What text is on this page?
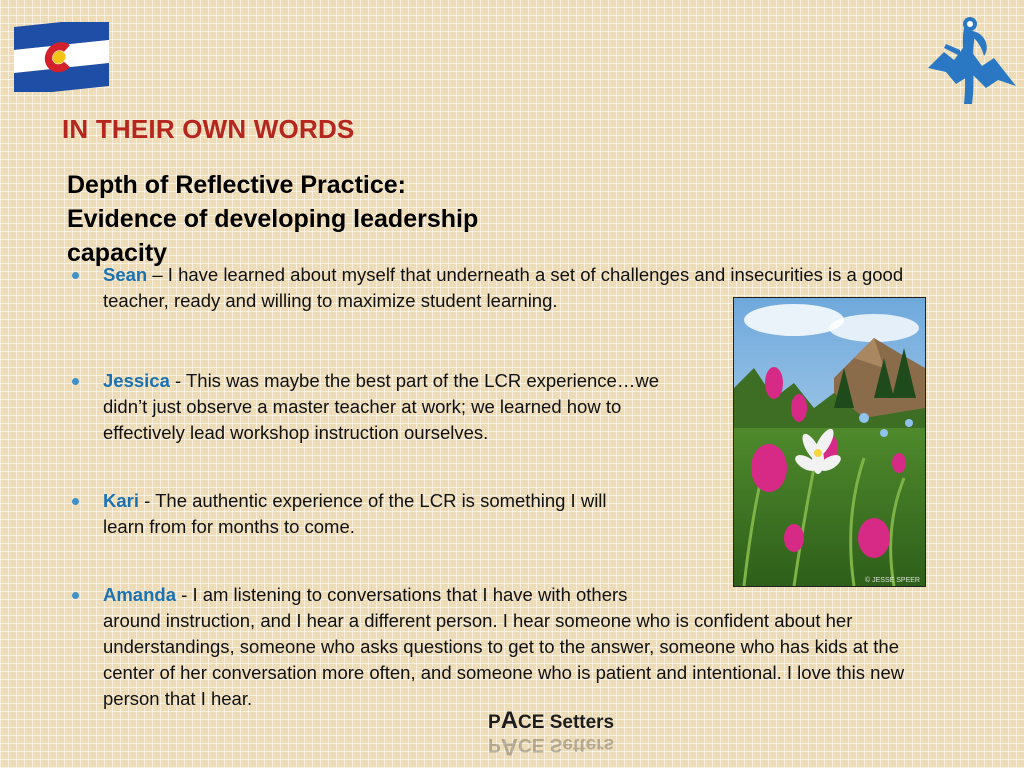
IN THEIR OWN WORDS
Depth of Reflective Practice:
Evidence of developing leadership
capacity
Sean – I have learned about myself that underneath a set of challenges and insecurities is a good teacher, ready and willing to maximize student learning.
Jessica - This was maybe the best part of the LCR experience…we
didn’t just observe a master teacher at work; we learned how to
effectively lead workshop instruction ourselves.
Kari - The authentic experience of the LCR is something I will
learn from for months to come.
Amanda - I am listening to conversations that I have with others
around instruction, and I hear a different person. I hear someone who is confident about her understandings, someone who asks questions to get to the answer, someone who has kids at the center of her conversation more often, and someone who is patient and intentional. I love this new person that I hear.
© JESSE SPEER
PACE Setters
PACE Setters
